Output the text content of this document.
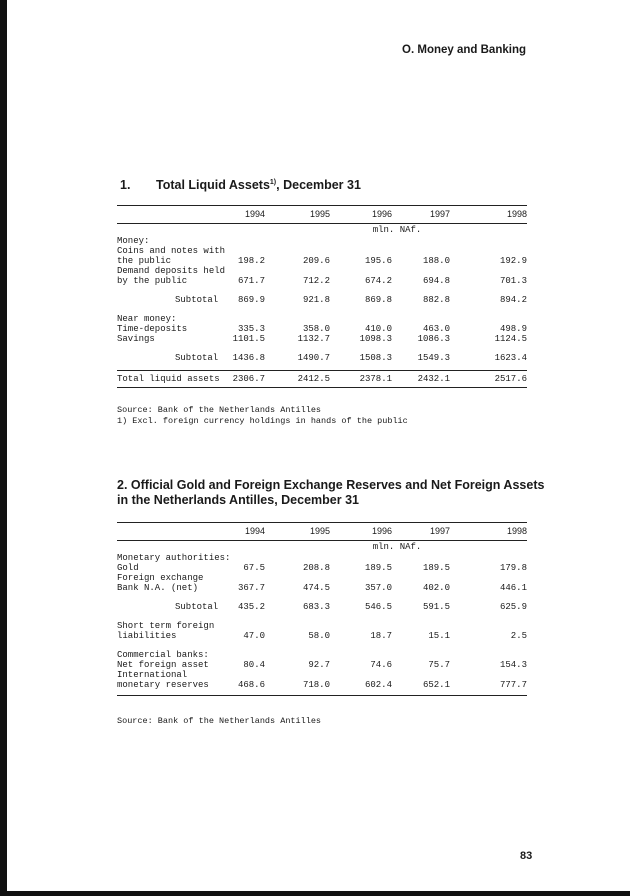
O. Money and Banking
1. Total Liquid Assets$^{1)}$, December 31
1994	1995	1996	1997	1998
mln. NAf.
Money:
Coins and notes with
the public	198.2	209.6	195.6	188.0	192.9
Demand deposits held
by the public	671.7	712.2	674.2	694.8	701.3
Subtotal	869.9	921.8	869.8	882.8	894.2
Near money:
Time-deposits	335.3	358.0	410.0	463.0	498.9
Savings	1101.5	1132.7	1098.3	1086.3	1124.5
Subtotal	1436.8	1490.7	1508.3	1549.3	1623.4
Total liquid assets	2306.7	2412.5	2378.1	2432.1	2517.6
Source: Bank of the Netherlands Antilles
1) Excl. foreign currency holdings in hands of the public
2. Official Gold and Foreign Exchange Reserves and Net Foreign Assets
in the Netherlands Antilles, December 31
1994	1995	1996	1997	1998
mln. NAf.
Monetary authorities:
Gold	67.5	208.8	189.5	189.5	179.8
Foreign exchange
Bank N.A. (net)	367.7	474.5	357.0	402.0	446.1
Subtotal	435.2	683.3	546.5	591.5	625.9
Short term foreign
liabilities	47.0	58.0	18.7	15.1	2.5
Commercial banks:
Net foreign asset	80.4	92.7	74.6	75.7	154.3
International
monetary reserves	468.6	718.0	602.4	652.1	777.7
Source: Bank of the Netherlands Antilles
83
